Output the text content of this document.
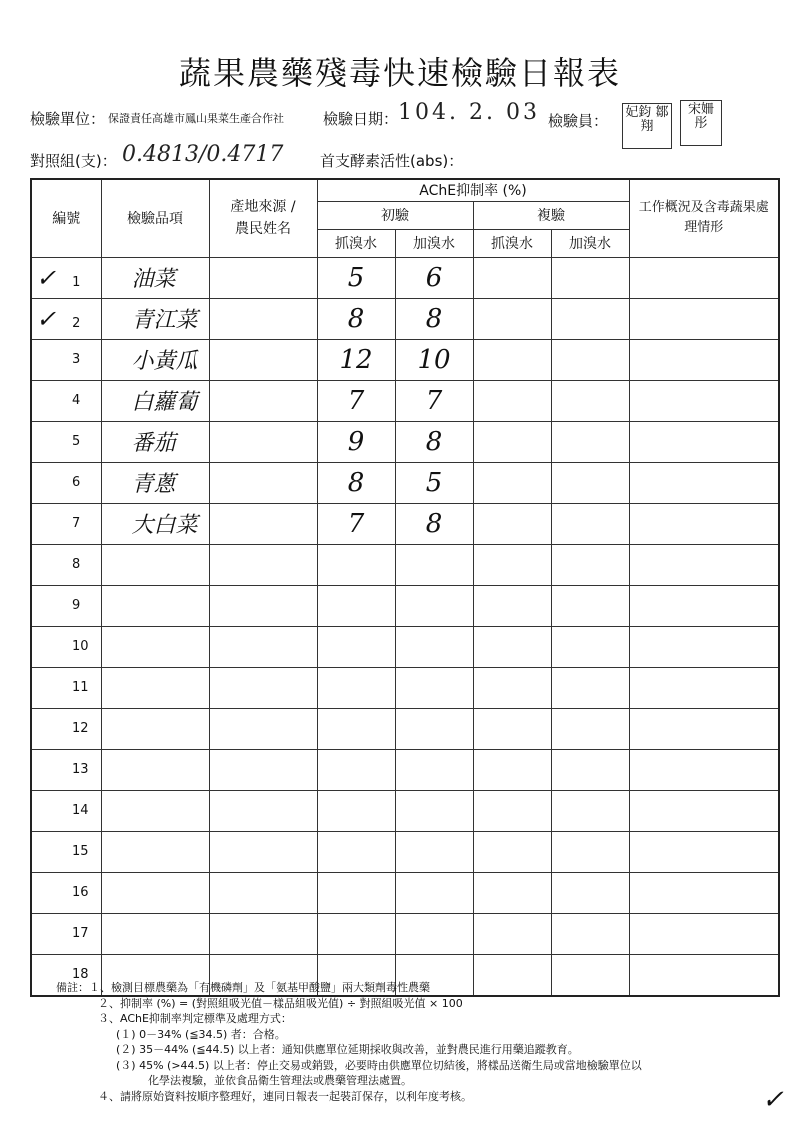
蔬果農藥殘毒快速檢驗日報表
檢驗單位： 保證責任高雄市鳳山果菜生產合作社	檢驗日期： 104. 2. 03 檢驗員： 妃鈞 鄒翔
宋姍 彤
對照組(支)： 0.4813/0.4717 首支酵素活性(abs)：
編號	檢驗品項	產地來源 / 農民姓名	AChE抑制率 (%)				工作概況及含毒蔬果處理情形
			初驗		複驗		
			抓溴水	加溴水	抓溴水	加溴水	
✓ 1	油菜		5	6			
✓ 2	青江菜		8	8			
3	小黃瓜		12	10			
4	白蘿蔔		7	7			
5	番茄		9	8			
6	青蔥		8	5			
7	大白菜		7	8			
8							
9							
10							
11							
12							
13							
14							
15							
16							
17							
18							
備註：１、檢測目標農藥為「有機磷劑」及「氨基甲酸鹽」兩大類劑毒性農藥
２、抑制率 (%) = (對照組吸光值－樣品組吸光值) ÷ 對照組吸光值 × 100
３、AChE抑制率判定標準及處理方式：
(１) 0－34% (≦34.5) 者：合格。
(２) 35－44% (≦44.5) 以上者：通知供應單位延期採收與改善，並對農民進行用藥追蹤教育。
(３) 45% (>44.5) 以上者：停止交易或銷毀，必要時由供應單位切結後，將樣品送衛生局或當地檢驗單位以
化學法複驗，並依食品衛生管理法或農藥管理法處置。
４、請將原始資料按順序整理好，連同日報表一起裝訂保存，以利年度考核。	✓
